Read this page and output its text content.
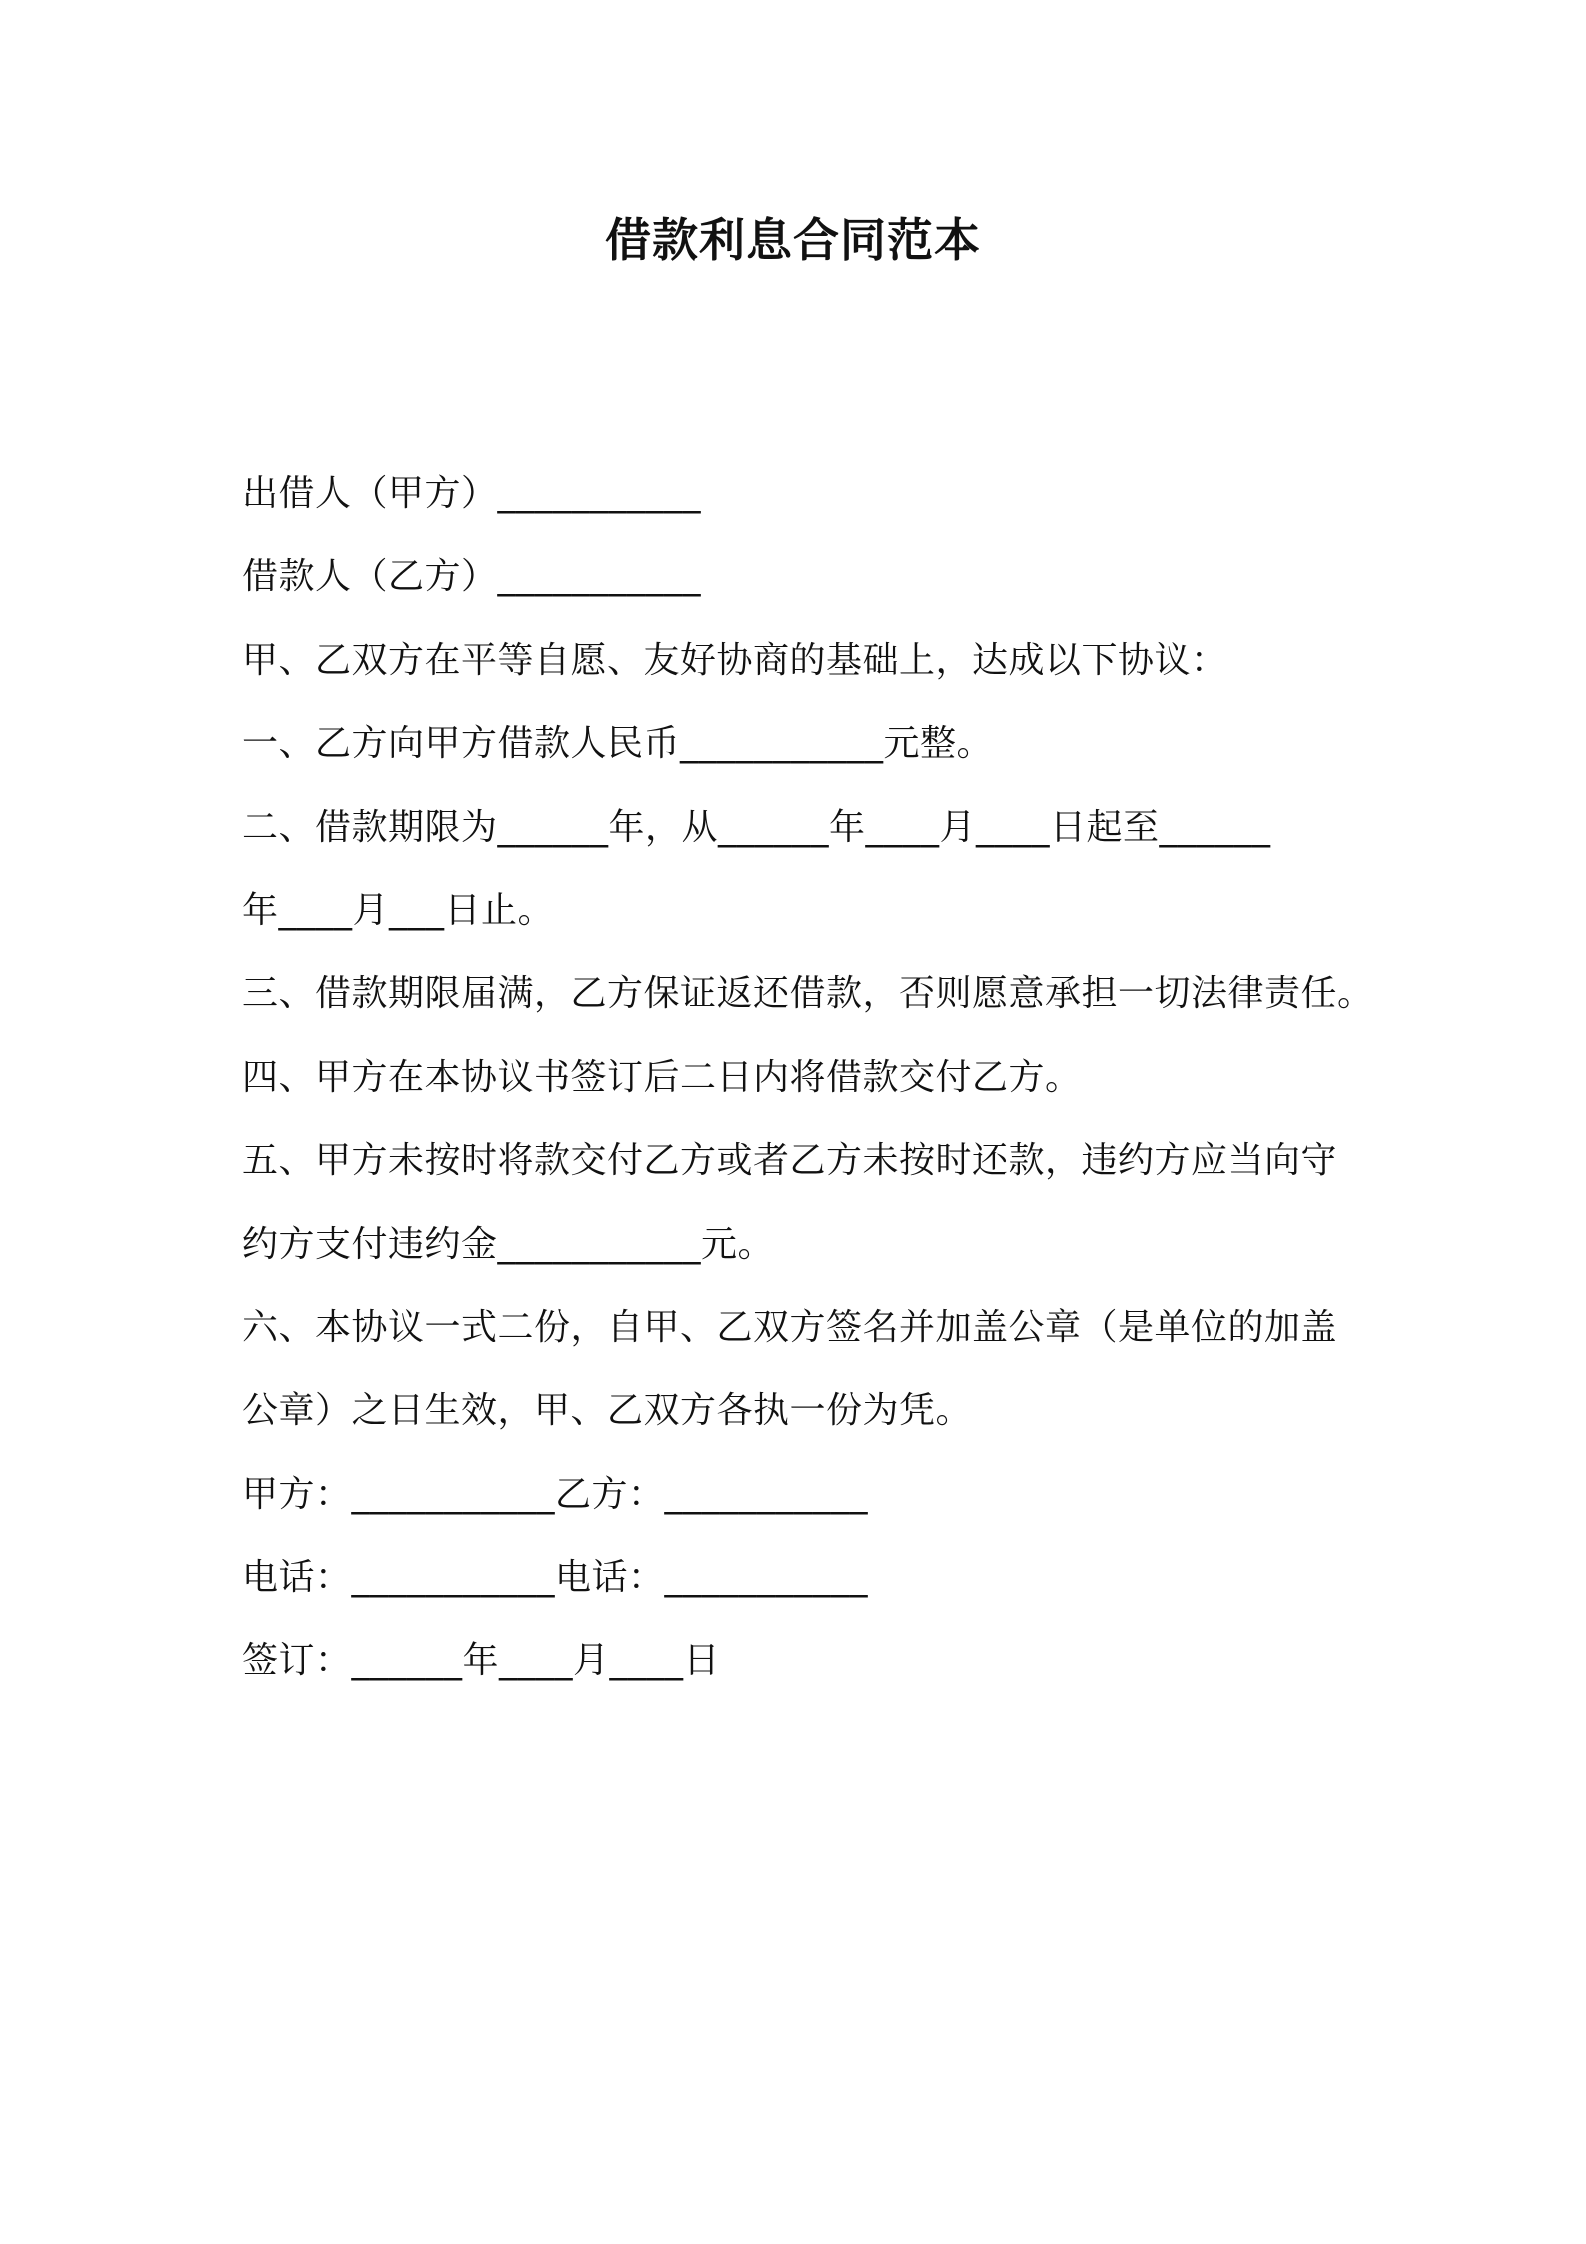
借款利息合同范本
出借人（甲方）___________
借款人（乙方）___________
甲、乙双方在平等自愿、友好协商的基础上，达成以下协议：
一、乙方向甲方借款人民币___________元整。
二、借款期限为______年，从______年____月____日起至______
年____月___日止。
三、借款期限届满，乙方保证返还借款，否则愿意承担一切法律责任。
四、甲方在本协议书签订后二日内将借款交付乙方。
五、甲方未按时将款交付乙方或者乙方未按时还款，违约方应当向守
约方支付违约金___________元。
六、本协议一式二份，自甲、乙双方签名并加盖公章（是单位的加盖
公章）之日生效，甲、乙双方各执一份为凭。
甲方：___________乙方：___________
电话：___________电话：___________
签订：______年____月____日
